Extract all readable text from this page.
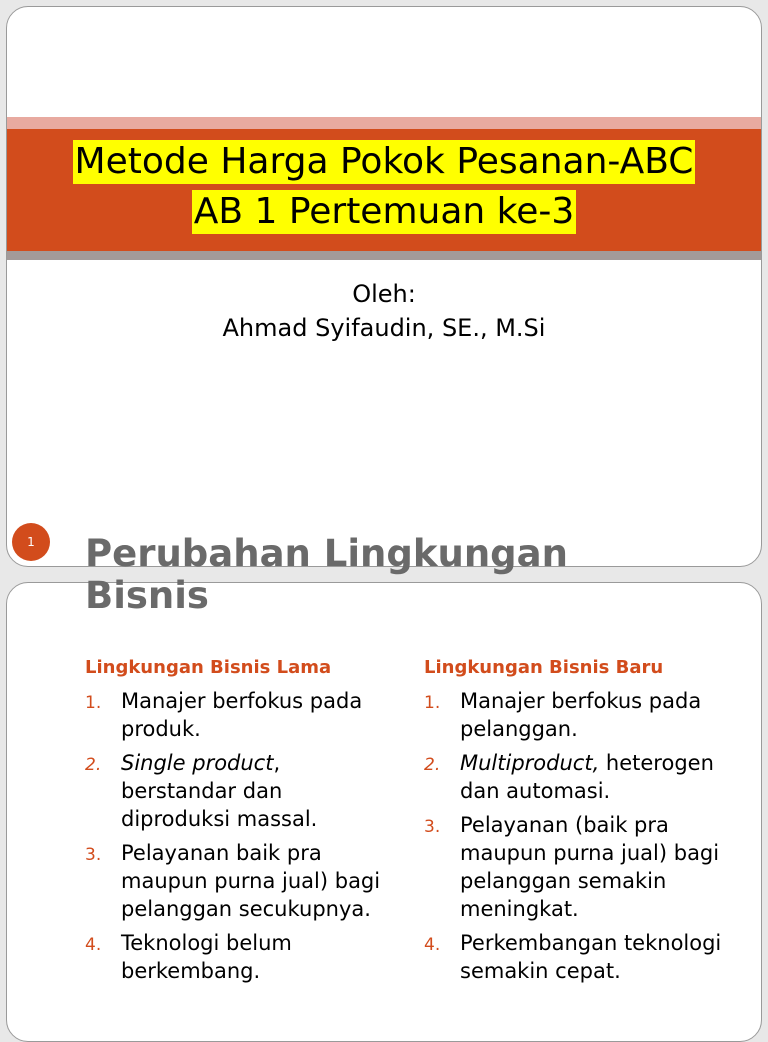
Metode Harga Pokok Pesanan-ABC
AB 1 Pertemuan ke-3
Oleh:
Ahmad Syifaudin, SE., M.Si
1	Perubahan Lingkungan
Bisnis
Lingkungan Bisnis Lama
1. Manajer berfokus pada produk.
2. Single product, berstandar dan diproduksi massal.
3. Pelayanan baik pra maupun purna jual) bagi pelanggan secukupnya.
4. Teknologi belum berkembang.
Lingkungan Bisnis Baru
1. Manajer berfokus pada pelanggan.
2. Multiproduct, heterogen dan automasi.
3. Pelayanan (baik pra maupun purna jual) bagi pelanggan semakin meningkat.
4. Perkembangan teknologi semakin cepat.
